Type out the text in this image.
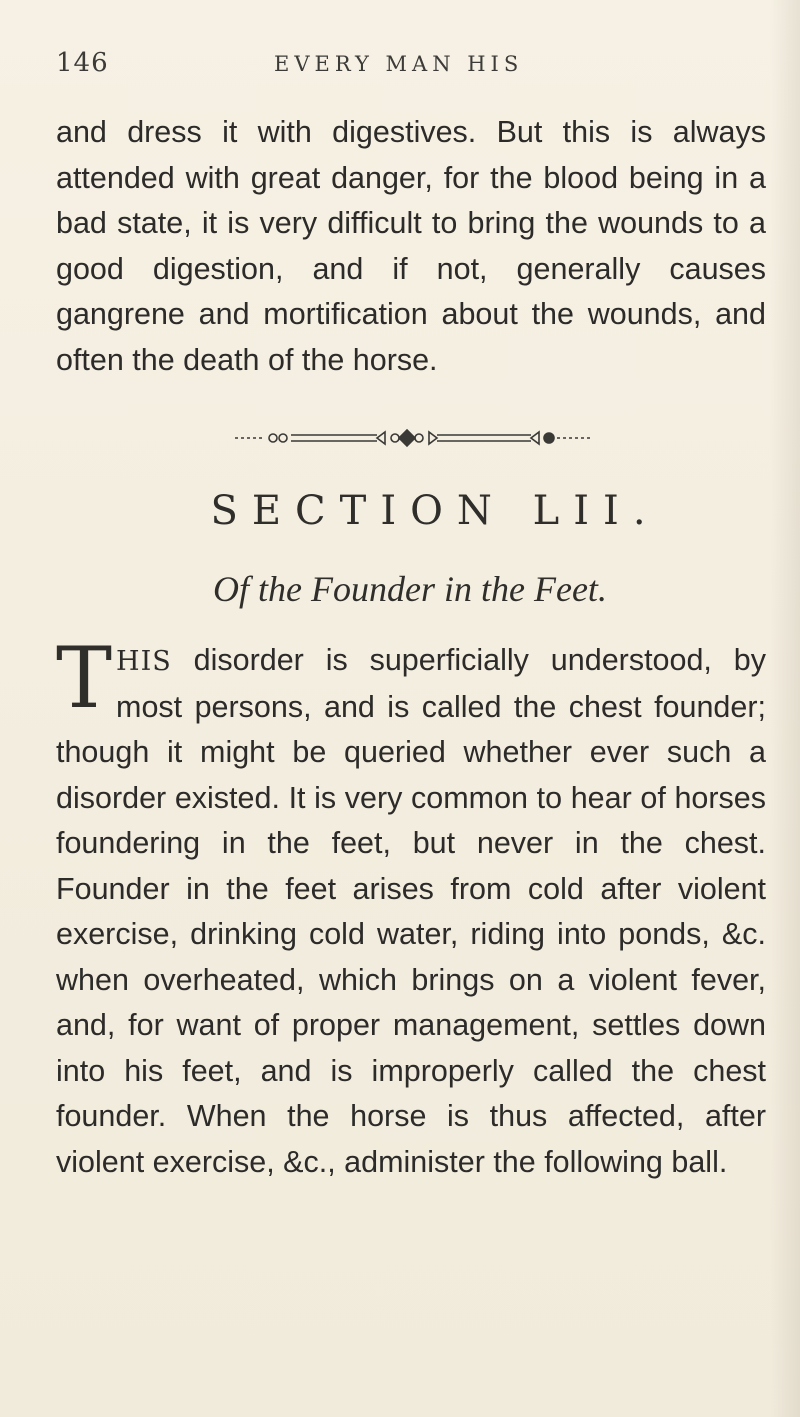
146	EVERY MAN HIS

and dress it with digestives. But this is always attended with great danger, for the blood being in a bad state, it is very difficult to bring the wounds to a good digestion, and if not, generally causes gangrene and mortification about the wounds, and often the death of the horse.

SECTION LII.
Of the Founder in the Feet.

THIS disorder is superficially understood, by most persons, and is called the chest founder; though it might be queried whether ever such a disorder existed. It is very common to hear of horses foundering in the feet, but never in the chest. Founder in the feet arises from cold after violent exercise, drinking cold water, riding into ponds, &c. when overheated, which brings on a violent fever, and, for want of proper management, settles down into his feet, and is improperly called the chest founder. When the horse is thus affected, after violent exercise, &c., administer the following ball.
